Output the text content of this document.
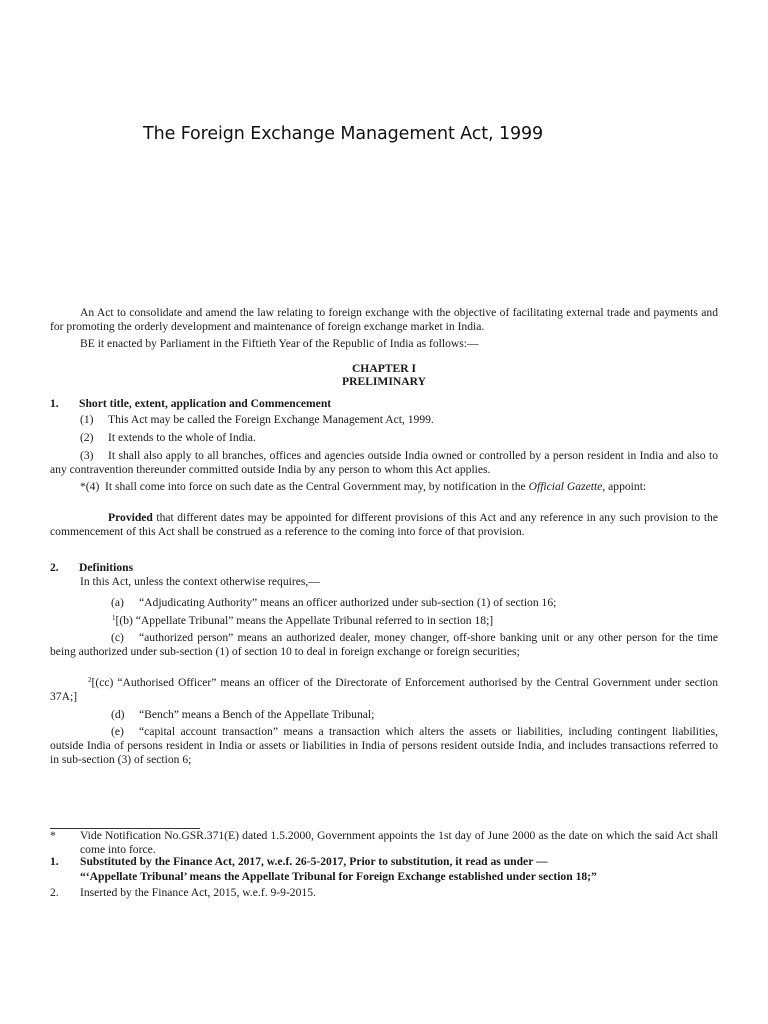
The Foreign Exchange Management Act, 1999
An Act to consolidate and amend the law relating to foreign exchange with the objective of facilitating external trade and payments and for promoting the orderly development and maintenance of foreign exchange market in India.
BE it enacted by Parliament in the Fiftieth Year of the Republic of India as follows:—
CHAPTER I
PRELIMINARY
1. Short title, extent, application and Commencement
(1) This Act may be called the Foreign Exchange Management Act, 1999.
(2) It extends to the whole of India.
(3) It shall also apply to all branches, offices and agencies outside India owned or controlled by a person resident in India and also to any contravention thereunder committed outside India by any person to whom this Act applies.
*(4) It shall come into force on such date as the Central Government may, by notification in the Official Gazette, appoint:
Provided that different dates may be appointed for different provisions of this Act and any reference in any such provision to the commencement of this Act shall be construed as a reference to the coming into force of that provision.
2. Definitions
In this Act, unless the context otherwise requires,—
(a) “Adjudicating Authority” means an officer authorized under sub-section (1) of section 16;
$^1$[(b) “Appellate Tribunal” means the Appellate Tribunal referred to in section 18;]
(c) “authorized person” means an authorized dealer, money changer, off-shore banking unit or any other person for the time being authorized under sub-section (1) of section 10 to deal in foreign exchange or foreign securities;
$^2$[(cc) “Authorised Officer” means an officer of the Directorate of Enforcement authorised by the Central Government under section 37A;]
(d) “Bench” means a Bench of the Appellate Tribunal;
(e) “capital account transaction” means a transaction which alters the assets or liabilities, including contingent liabilities, outside India of persons resident in India or assets or liabilities in India of persons resident outside India, and includes transactions referred to in sub-section (3) of section 6;
* Vide Notification No.GSR.371(E) dated 1.5.2000, Government appoints the 1st day of June 2000 as the date on which the said Act shall come into force.
1. Substituted by the Finance Act, 2017, w.e.f. 26-5-2017, Prior to substitution, it read as under —
“‘Appellate Tribunal’ means the Appellate Tribunal for Foreign Exchange established under section 18;”
2. Inserted by the Finance Act, 2015, w.e.f. 9-9-2015.
